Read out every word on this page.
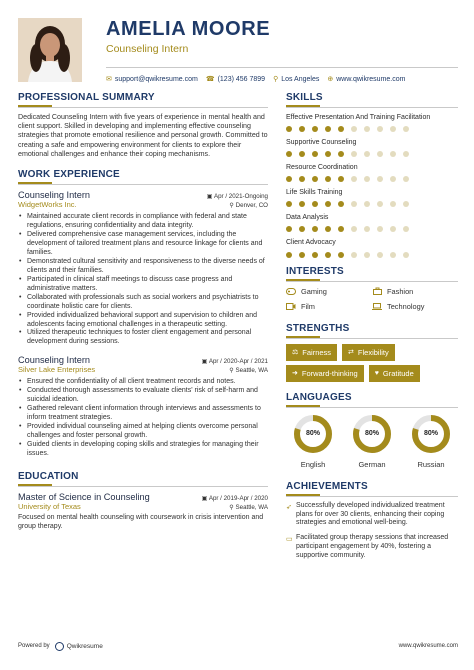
AMELIA MOORE
Counseling Intern
✉ support@qwikresume.com ☎ (123) 456 7899 ⚲ Los Angeles ⊕ www.qwikresume.com
PROFESSIONAL SUMMARY

Dedicated Counseling Intern with five years of experience in mental health and client support. Skilled in developing and implementing effective counseling strategies that promote emotional resilience and personal growth. Committed to creating a safe and empowering environment for clients to explore their emotional challenges and enhance their coping mechanisms.

WORK EXPERIENCE
Counseling Intern	▣ Apr / 2021-Ongoing
WidgetWorks Inc.	⚲ Denver, CO
• Maintained accurate client records in compliance with federal and state regulations, ensuring confidentiality and data integrity.
• Delivered comprehensive case management services, including the development of tailored treatment plans and resource linkage for clients and families.
• Demonstrated cultural sensitivity and responsiveness to the diverse needs of clients and their families.
• Participated in clinical staff meetings to discuss case progress and administrative matters.
• Collaborated with professionals such as social workers and psychiatrists to coordinate holistic care for clients.
• Provided individualized behavioral support and supervision to children and adolescents facing emotional challenges in a therapeutic setting.
• Utilized therapeutic techniques to foster client engagement and personal development during sessions.
Counseling Intern	▣ Apr / 2020-Apr / 2021
Silver Lake Enterprises	⚲ Seattle, WA
• Ensured the confidentiality of all client treatment records and notes.
• Conducted thorough assessments to evaluate clients' risk of self-harm and suicidal ideation.
• Gathered relevant client information through interviews and assessments to inform treatment strategies.
• Provided individual counseling aimed at helping clients overcome personal challenges and foster personal growth.
• Guided clients in developing coping skills and strategies for managing their issues.
EDUCATION
Master of Science in Counseling	▣ Apr / 2019-Apr / 2020
University of Texas	⚲ Seattle, WA

Focused on mental health counseling with coursework in crisis intervention and group therapy.

SKILLS
Effective Presentation And Training Facilitation
Supportive Counseling
Resource Coordination
Life Skills Training
Data Analysis
Client Advocacy
INTERESTS
Gaming	Fashion
Film	Technology
STRENGTHS
⚖ Fairness ⇄ Flexibility
➜ Forward-thinking ♥ Gratitude
LANGUAGES
80%
English
80%
German
80%
Russian
ACHIEVEMENTS
➶ Successfully developed individualized treatment plans for over 30 clients, enhancing their coping strategies and emotional well-being.
▭ Facilitated group therapy sessions that increased participant engagement by 40%, fostering a supportive community.
Powered by	Qwikresume	www.qwikresume.com
